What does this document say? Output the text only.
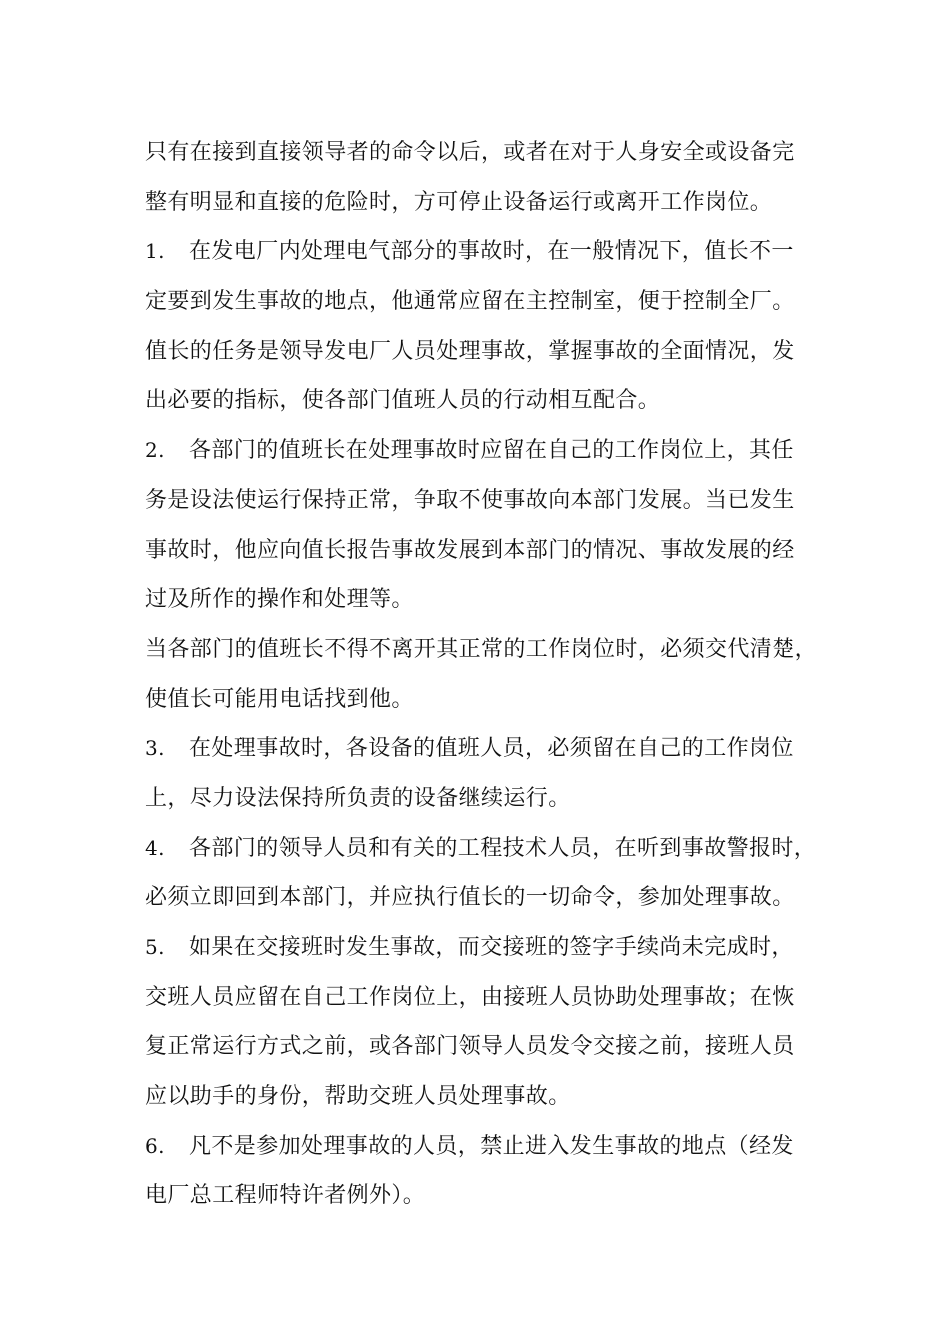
只有在接到直接领导者的命令以后，或者在对于人身安全或设备完
整有明显和直接的危险时，方可停止设备运行或离开工作岗位。
1. 在发电厂内处理电气部分的事故时，在一般情况下，值长不一
定要到发生事故的地点，他通常应留在主控制室，便于控制全厂。
值长的任务是领导发电厂人员处理事故，掌握事故的全面情况，发
出必要的指标，使各部门值班人员的行动相互配合。
2. 各部门的值班长在处理事故时应留在自己的工作岗位上，其任
务是设法使运行保持正常，争取不使事故向本部门发展。当已发生
事故时，他应向值长报告事故发展到本部门的情况、事故发展的经
过及所作的操作和处理等。
当各部门的值班长不得不离开其正常的工作岗位时，必须交代清楚，
使值长可能用电话找到他。
3. 在处理事故时，各设备的值班人员，必须留在自己的工作岗位
上，尽力设法保持所负责的设备继续运行。
4. 各部门的领导人员和有关的工程技术人员，在听到事故警报时，
必须立即回到本部门，并应执行值长的一切命令，参加处理事故。
5. 如果在交接班时发生事故，而交接班的签字手续尚未完成时，
交班人员应留在自己工作岗位上，由接班人员协助处理事故；在恢
复正常运行方式之前，或各部门领导人员发令交接之前，接班人员
应以助手的身份，帮助交班人员处理事故。
6. 凡不是参加处理事故的人员，禁止进入发生事故的地点（经发
电厂总工程师特许者例外）。
